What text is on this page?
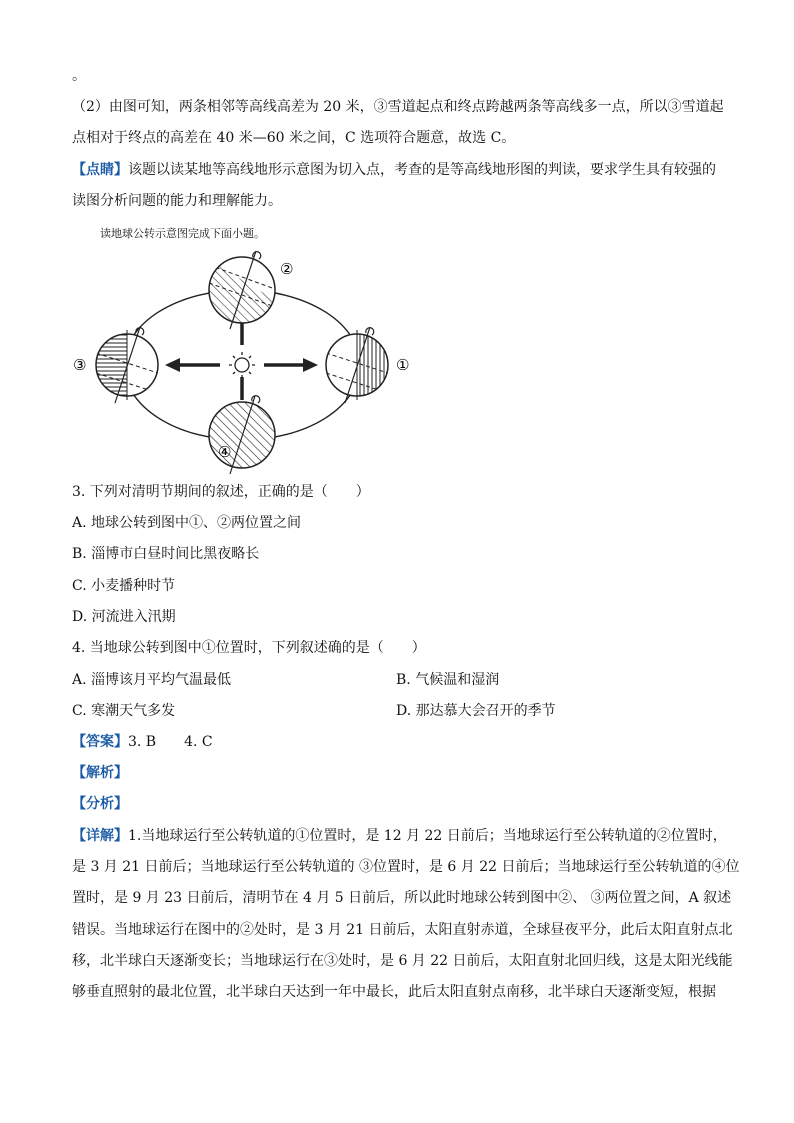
。
（2）由图可知，两条相邻等高线高差为 20 米，③雪道起点和终点跨越两条等高线多一点，所以③雪道起
点相对于终点的高差在 40 米—60 米之间，C 选项符合题意，故选 C。
【点睛】该题以读某地等高线地形示意图为切入点，考查的是等高线地形图的判读，要求学生具有较强的
读图分析问题的能力和理解能力。
读地球公转示意图完成下面小题。
②
③	①
④
3. 下列对清明节期间的叙述，正确的是（　　）
A. 地球公转到图中①、②两位置之间
B. 淄博市白昼时间比黑夜略长
C. 小麦播种时节
D. 河流进入汛期
4. 当地球公转到图中①位置时，下列叙述确的是（　　）
A. 淄博该月平均气温最低	B. 气候温和湿润
C. 寒潮天气多发	D. 那达慕大会召开的季节
【答案】3. B　　4. C
【解析】
【分析】
【详解】1.当地球运行至公转轨道的①位置时，是 12 月 22 日前后；当地球运行至公转轨道的②位置时，
是 3 月 21 日前后；当地球运行至公转轨道的 ③位置时，是 6 月 22 日前后；当地球运行至公转轨道的④位
置时，是 9 月 23 日前后，清明节在 4 月 5 日前后，所以此时地球公转到图中②、 ③两位置之间，A 叙述
错误。当地球运行在图中的②处时，是 3 月 21 日前后，太阳直射赤道，全球昼夜平分，此后太阳直射点北
移，北半球白天逐渐变长；当地球运行在③处时，是 6 月 22 日前后，太阳直射北回归线，这是太阳光线能
够垂直照射的最北位置，北半球白天达到一年中最长，此后太阳直射点南移，北半球白天逐渐变短，根据
